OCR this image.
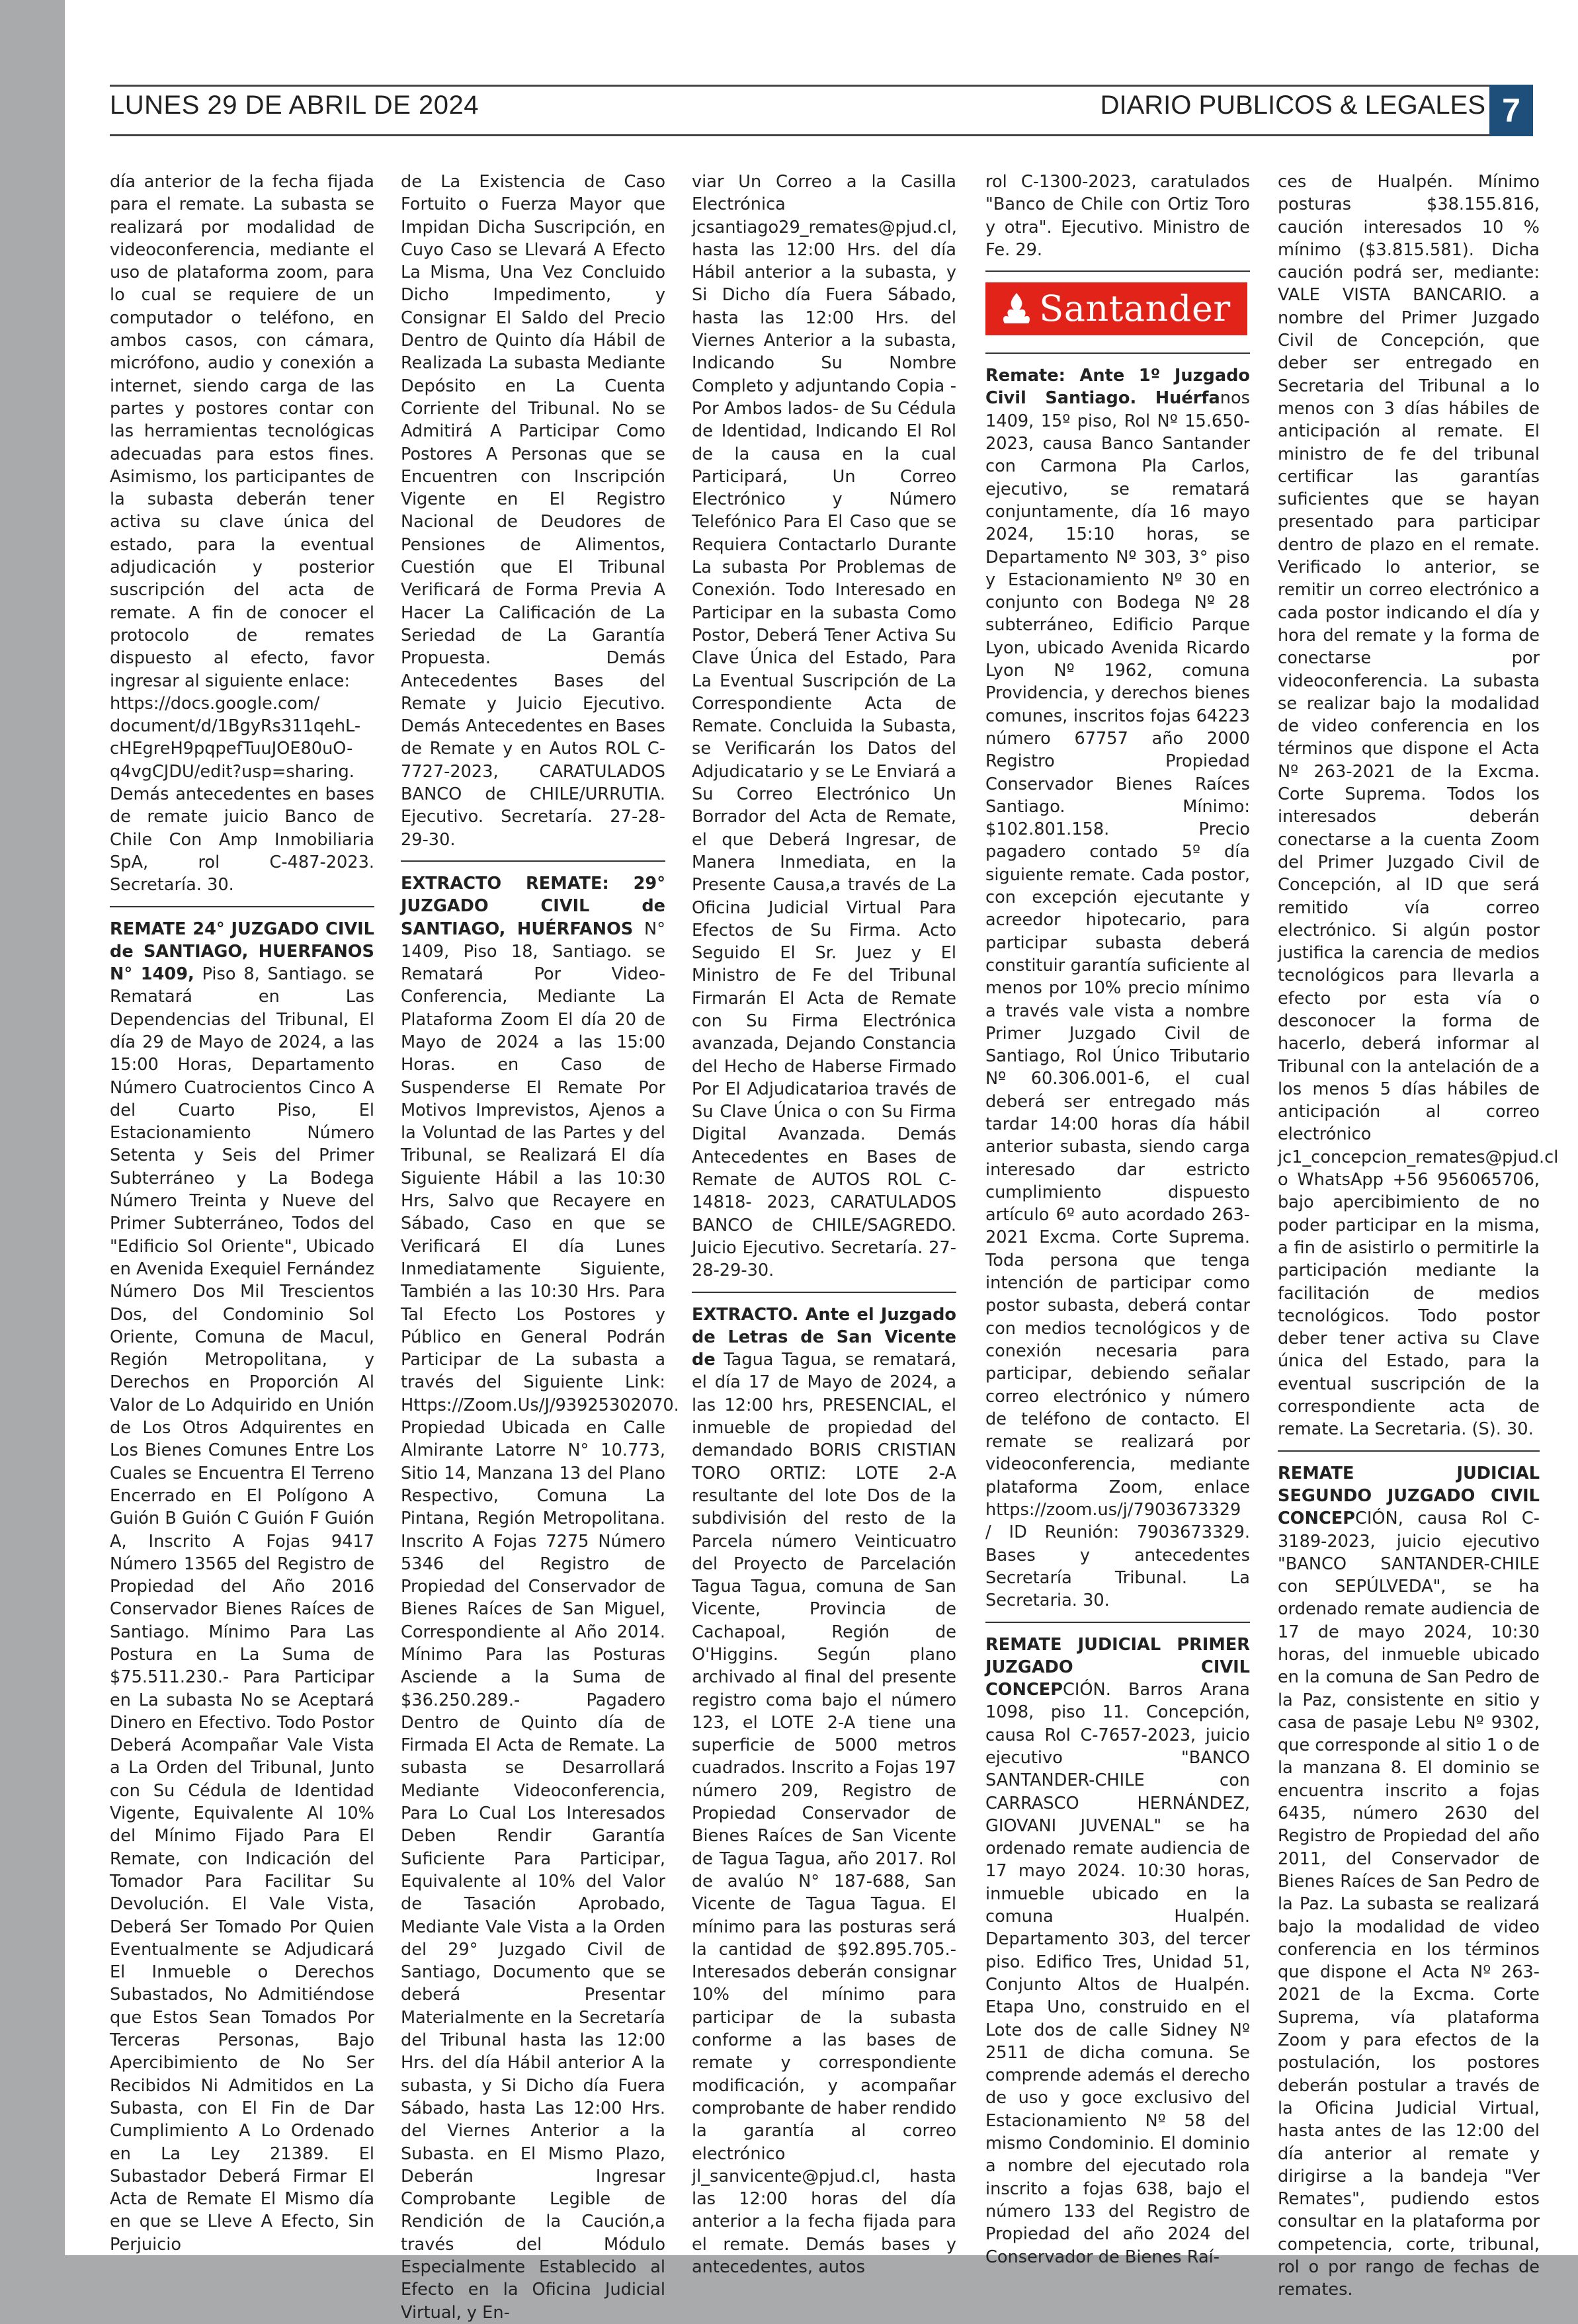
LUNES 29 DE ABRIL DE 2024	DIARIO PUBLICOS & LEGALES 7

día anterior de la fecha fijada para el remate. La subasta se realizará por modalidad de videoconferencia, mediante el uso de plataforma zoom, para lo cual se requiere de un computador o teléfono, en ambos casos, con cámara, micrófono, audio y conexión a internet, siendo carga de las partes y postores contar con las herramientas tecnológicas adecuadas para estos fines. Asimismo, los participantes de la subasta deberán tener activa su clave única del estado, para la eventual adjudicación y posterior suscripción del acta de remate. A fin de conocer el protocolo de remates dispuesto al efecto, favor ingresar al siguiente enlace:
https://docs.google.com/
document/d/1BgyRs311qehL-
cHEgreH9pqpefTuuJOE80uO-
q4vgCJDU/edit?usp=sharing.
Demás antecedentes en bases de remate juicio Banco de Chile Con Amp Inmobiliaria SpA, rol C-487-2023. Secretaría. 30.

REMATE 24° JUZGADO CIVIL de SANTIAGO, HUERFANOS N° 1409, Piso 8, Santiago. se Rematará en Las Dependencias del Tribunal, El día 29 de Mayo de 2024, a las 15:00 Horas, Departamento Número Cuatrocientos Cinco A del Cuarto Piso, El Estacionamiento Número Setenta y Seis del Primer Subterráneo y La Bodega Número Treinta y Nueve del Primer Subterráneo, Todos del "Edificio Sol Oriente", Ubicado en Avenida Exequiel Fernández Número Dos Mil Trescientos Dos, del Condominio Sol Oriente, Comuna de Macul, Región Metropolitana, y Derechos en Proporción Al Valor de Lo Adquirido en Unión de Los Otros Adquirentes en Los Bienes Comunes Entre Los Cuales se Encuentra El Terreno Encerrado en El Polígono A Guión B Guión C Guión F Guión A, Inscrito A Fojas 9417 Número 13565 del Registro de Propiedad del Año 2016 Conservador Bienes Raíces de Santiago. Mínimo Para Las Postura en La Suma de $75.511.230.- Para Participar en La subasta No se Aceptará Dinero en Efectivo. Todo Postor Deberá Acompañar Vale Vista a La Orden del Tribunal, Junto con Su Cédula de Identidad Vigente, Equivalente Al 10% del Mínimo Fijado Para El Remate, con Indicación del Tomador Para Facilitar Su Devolución. El Vale Vista, Deberá Ser Tomado Por Quien Eventualmente se Adjudicará El Inmueble o Derechos Subastados, No Admitiéndose que Estos Sean Tomados Por Terceras Personas, Bajo Apercibimiento de No Ser Recibidos Ni Admitidos en La Subasta, con El Fin de Dar Cumplimiento A Lo Ordenado en La Ley 21389. El Subastador Deberá Firmar El Acta de Remate El Mismo día en que se Lleve A Efecto, Sin Perjuicio

de La Existencia de Caso Fortuito o Fuerza Mayor que Impidan Dicha Suscripción, en Cuyo Caso se Llevará A Efecto La Misma, Una Vez Concluido Dicho Impedimento, y Consignar El Saldo del Precio Dentro de Quinto día Hábil de Realizada La subasta Mediante Depósito en La Cuenta Corriente del Tribunal. No se Admitirá A Participar Como Postores A Personas que se Encuentren con Inscripción Vigente en El Registro Nacional de Deudores de Pensiones de Alimentos, Cuestión que El Tribunal Verificará de Forma Previa A Hacer La Calificación de La Seriedad de La Garantía Propuesta. Demás Antecedentes Bases del Remate y Juicio Ejecutivo. Demás Antecedentes en Bases de Remate y en Autos ROL C-7727-2023, CARATULADOS BANCO de CHILE/URRUTIA. Ejecutivo. Secretaría. 27-28-29-30.

EXTRACTO REMATE: 29° JUZGADO CIVIL de SANTIAGO, HUÉRFANOS N° 1409, Piso 18, Santiago. se Rematará Por Video-Conferencia, Mediante La Plataforma Zoom El día 20 de Mayo de 2024 a las 15:00 Horas. en Caso de Suspenderse El Remate Por Motivos Imprevistos, Ajenos a la Voluntad de las Partes y del Tribunal, se Realizará El día Siguiente Hábil a las 10:30 Hrs, Salvo que Recayere en Sábado, Caso en que se Verificará El día Lunes Inmediatamente Siguiente, También a las 10:30 Hrs. Para Tal Efecto Los Postores y Público en General Podrán Participar de La subasta a través del Siguiente Link: Https://Zoom.Us/J/93925302070. Propiedad Ubicada en Calle Almirante Latorre N° 10.773, Sitio 14, Manzana 13 del Plano Respectivo, Comuna La Pintana, Región Metropolitana. Inscrito A Fojas 7275 Número 5346 del Registro de Propiedad del Conservador de Bienes Raíces de San Miguel, Correspondiente al Año 2014. Mínimo Para las Posturas Asciende a la Suma de $36.250.289.- Pagadero Dentro de Quinto día de Firmada El Acta de Remate. La subasta se Desarrollará Mediante Videoconferencia, Para Lo Cual Los Interesados Deben Rendir Garantía Suficiente Para Participar, Equivalente al 10% del Valor de Tasación Aprobado, Mediante Vale Vista a la Orden del 29° Juzgado Civil de Santiago, Documento que se deberá Presentar Materialmente en la Secretaría del Tribunal hasta las 12:00 Hrs. del día Hábil anterior A la subasta, y Si Dicho día Fuera Sábado, hasta Las 12:00 Hrs. del Viernes Anterior a la Subasta. en El Mismo Plazo, Deberán Ingresar Comprobante Legible de Rendición de la Caución,a través del Módulo Especialmente Establecido al Efecto en la Oficina Judicial Virtual, y En-

viar Un Correo a la Casilla Electrónica jcsantiago29_remates@pjud.cl, hasta las 12:00 Hrs. del día Hábil anterior a la subasta, y Si Dicho día Fuera Sábado, hasta las 12:00 Hrs. del Viernes Anterior a la subasta, Indicando Su Nombre Completo y adjuntando Copia -Por Ambos lados- de Su Cédula de Identidad, Indicando El Rol de la causa en la cual Participará, Un Correo Electrónico y Número Telefónico Para El Caso que se Requiera Contactarlo Durante La subasta Por Problemas de Conexión. Todo Interesado en Participar en la subasta Como Postor, Deberá Tener Activa Su Clave Única del Estado, Para La Eventual Suscripción de La Correspondiente Acta de Remate. Concluida la Subasta, se Verificarán los Datos del Adjudicatario y se Le Enviará a Su Correo Electrónico Un Borrador del Acta de Remate, el que Deberá Ingresar, de Manera Inmediata, en la Presente Causa,a través de La Oficina Judicial Virtual Para Efectos de Su Firma. Acto Seguido El Sr. Juez y El Ministro de Fe del Tribunal Firmarán El Acta de Remate con Su Firma Electrónica avanzada, Dejando Constancia del Hecho de Haberse Firmado Por El Adjudicatarioa través de Su Clave Única o con Su Firma Digital Avanzada. Demás Antecedentes en Bases de Remate de AUTOS ROL C-14818- 2023, CARATULADOS BANCO de CHILE/SAGREDO. Juicio Ejecutivo. Secretaría. 27-28-29-30.

EXTRACTO. Ante el Juzgado de Letras de San Vicente de Tagua Tagua, se rematará, el día 17 de Mayo de 2024, a las 12:00 hrs, PRESENCIAL, el inmueble de propiedad del demandado BORIS CRISTIAN TORO ORTIZ: LOTE 2-A resultante del lote Dos de la subdivisión del resto de la Parcela número Veinticuatro del Proyecto de Parcelación Tagua Tagua, comuna de San Vicente, Provincia de Cachapoal, Región de O'Higgins. Según plano archivado al final del presente registro coma bajo el número 123, el LOTE 2-A tiene una superficie de 5000 metros cuadrados. Inscrito a Fojas 197 número 209, Registro de Propiedad Conservador de Bienes Raíces de San Vicente de Tagua Tagua, año 2017. Rol de avalúo N° 187-688, San Vicente de Tagua Tagua. El mínimo para las posturas será la cantidad de $92.895.705.-Interesados deberán consignar 10% del mínimo para participar de la subasta conforme a las bases de remate y correspondiente modificación, y acompañar comprobante de haber rendido la garantía al correo electrónico jl_sanvicente@pjud.cl, hasta las 12:00 horas del día anterior a la fecha fijada para el remate. Demás bases y antecedentes, autos

rol C-1300-2023, caratulados "Banco de Chile con Ortiz Toro y otra". Ejecutivo. Ministro de Fe. 29.

Santander

Remate: Ante 1º Juzgado Civil Santiago. Huérfanos 1409, 15º piso, Rol Nº 15.650-2023, causa Banco Santander con Carmona Pla Carlos, ejecutivo, se rematará conjuntamente, día 16 mayo 2024, 15:10 horas, se Departamento Nº 303, 3° piso y Estacionamiento Nº 30 en conjunto con Bodega Nº 28 subterráneo, Edificio Parque Lyon, ubicado Avenida Ricardo Lyon Nº 1962, comuna Providencia, y derechos bienes comunes, inscritos fojas 64223 número 67757 año 2000 Registro Propiedad Conservador Bienes Raíces Santiago. Mínimo: $102.801.158. Precio pagadero contado 5º día siguiente remate. Cada postor, con excepción ejecutante y acreedor hipotecario, para participar subasta deberá constituir garantía suficiente al menos por 10% precio mínimo a través vale vista a nombre Primer Juzgado Civil de Santiago, Rol Único Tributario Nº 60.306.001-6, el cual deberá ser entregado más tardar 14:00 horas día hábil anterior subasta, siendo carga interesado dar estricto cumplimiento dispuesto artículo 6º auto acordado 263-2021 Excma. Corte Suprema. Toda persona que tenga intención de participar como postor subasta, deberá contar con medios tecnológicos y de conexión necesaria para participar, debiendo señalar correo electrónico y número de teléfono de contacto. El remate se realizará por videoconferencia, mediante plataforma Zoom, enlace https://zoom.us/j/7903673329 / ID Reunión: 7903673329. Bases y antecedentes Secretaría Tribunal. La Secretaria. 30.

REMATE JUDICIAL PRIMER JUZGADO CIVIL CONCEPCIÓN. Barros Arana 1098, piso 11. Concepción, causa Rol C-7657-2023, juicio ejecutivo "BANCO SANTANDER-CHILE con CARRASCO HERNÁNDEZ, GIOVANI JUVENAL" se ha ordenado remate audiencia de 17 mayo 2024. 10:30 horas, inmueble ubicado en la comuna Hualpén. Departamento 303, del tercer piso. Edifico Tres, Unidad 51, Conjunto Altos de Hualpén. Etapa Uno, construido en el Lote dos de calle Sidney Nº 2511 de dicha comuna. Se comprende además el derecho de uso y goce exclusivo del Estacionamiento Nº 58 del mismo Condominio. El dominio a nombre del ejecutado rola inscrito a fojas 638, bajo el número 133 del Registro de Propiedad del año 2024 del Conservador de Bienes Raí-

ces de Hualpén. Mínimo posturas $38.155.816, caución interesados 10 % mínimo ($3.815.581). Dicha caución podrá ser, mediante: VALE VISTA BANCARIO. a nombre del Primer Juzgado Civil de Concepción, que deber ser entregado en Secretaria del Tribunal a lo menos con 3 días hábiles de anticipación al remate. El ministro de fe del tribunal certificar las garantías suficientes que se hayan presentado para participar dentro de plazo en el remate. Verificado lo anterior, se remitir un correo electrónico a cada postor indicando el día y hora del remate y la forma de conectarse por videoconferencia. La subasta se realizar bajo la modalidad de video conferencia en los términos que dispone el Acta Nº 263-2021 de la Excma. Corte Suprema. Todos los interesados deberán conectarse a la cuenta Zoom del Primer Juzgado Civil de Concepción, al ID que será remitido vía correo electrónico. Si algún postor justifica la carencia de medios tecnológicos para llevarla a efecto por esta vía o desconocer la forma de hacerlo, deberá informar al Tribunal con la antelación de a los menos 5 días hábiles de anticipación al correo electrónico jc1_concepcion_remates@pjud.cl o WhatsApp +56 956065706, bajo apercibimiento de no poder participar en la misma, a fin de asistirlo o permitirle la participación mediante la facilitación de medios tecnológicos. Todo postor deber tener activa su Clave única del Estado, para la eventual suscripción de la correspondiente acta de remate. La Secretaria. (S). 30.

REMATE JUDICIAL SEGUNDO JUZGADO CIVIL CONCEPCIÓN, causa Rol C-3189-2023, juicio ejecutivo "BANCO SANTANDER-CHILE con SEPÚLVEDA", se ha ordenado remate audiencia de 17 de mayo 2024, 10:30 horas, del inmueble ubicado en la comuna de San Pedro de la Paz, consistente en sitio y casa de pasaje Lebu Nº 9302, que corresponde al sitio 1 o de la manzana 8. El dominio se encuentra inscrito a fojas 6435, número 2630 del Registro de Propiedad del año 2011, del Conservador de Bienes Raíces de San Pedro de la Paz. La subasta se realizará bajo la modalidad de video conferencia en los términos que dispone el Acta Nº 263-2021 de la Excma. Corte Suprema, vía plataforma Zoom y para efectos de la postulación, los postores deberán postular a través de la Oficina Judicial Virtual, hasta antes de las 12:00 del día anterior al remate y dirigirse a la bandeja "Ver Remates", pudiendo estos consultar en la plataforma por competencia, corte, tribunal, rol o por rango de fechas de remates.
